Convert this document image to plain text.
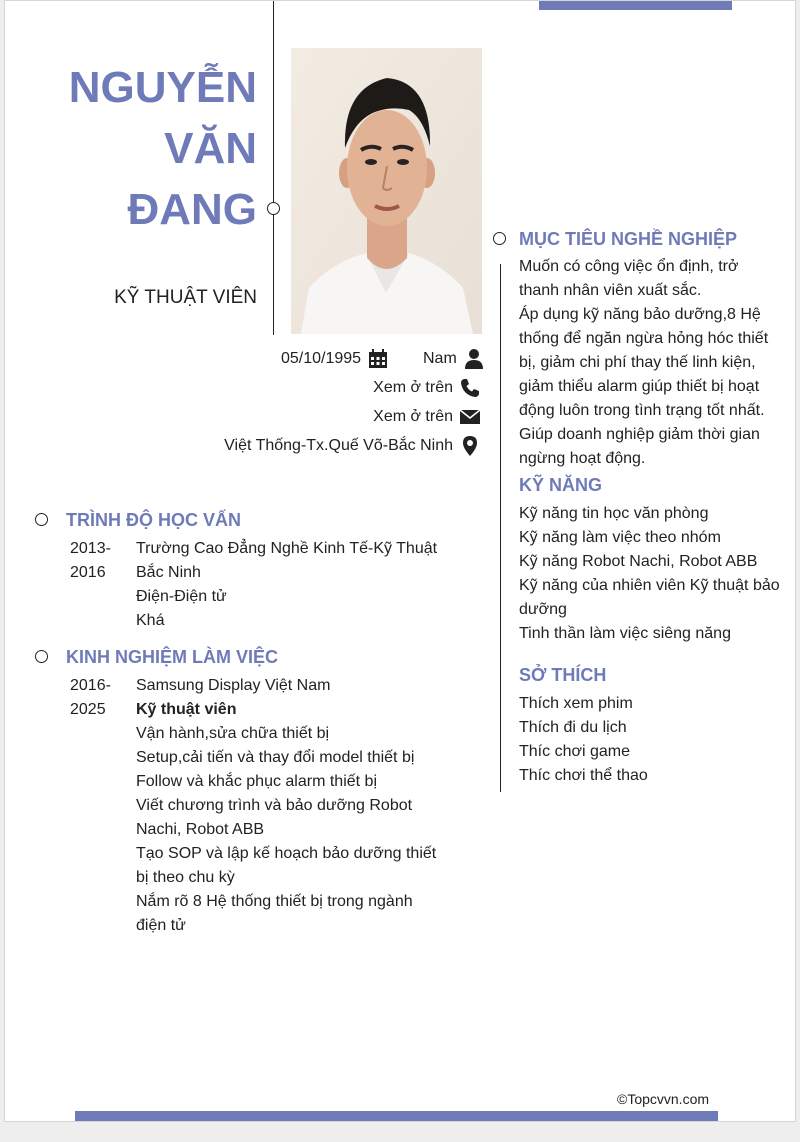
NGUYỄN
VĂN
ĐANG
KỸ THUẬT VIÊN
05/10/1995	Nam
Xem ở trên
Xem ở trên
Việt Thống-Tx.Quế Võ-Bắc Ninh
TRÌNH ĐỘ HỌC VẤN
2013-
2016
Trường Cao Đẳng Nghề Kinh Tế-Kỹ Thuật
Bắc Ninh
Điện-Điện tử
Khá
KINH NGHIỆM LÀM VIỆC
2016-
2025
Samsung Display Việt Nam
Kỹ thuật viên
Vận hành,sửa chữa thiết bị
Setup,cải tiến và thay đổi model thiết bị
Follow và khắc phục alarm thiết bị
Viết chương trình và bảo dưỡng Robot
Nachi, Robot ABB
Tạo SOP và lập kế hoạch bảo dưỡng thiết
bị theo chu kỳ
Nắm rõ 8 Hệ thống thiết bị trong ngành
điện tử
MỤC TIÊU NGHỀ NGHIỆP
Muốn có công việc ổn định, trở
thanh nhân viên xuất sắc.
Áp dụng kỹ năng bảo dưỡng,8 Hệ
thống để ngăn ngừa hỏng hóc thiết
bị, giảm chi phí thay thế linh kiện,
giảm thiểu alarm giúp thiết bị hoạt
động luôn trong tình trạng tốt nhất.
Giúp doanh nghiệp giảm thời gian
ngừng hoạt động.
KỸ NĂNG
Kỹ năng tin học văn phòng
Kỹ năng làm việc theo nhóm
Kỹ năng Robot Nachi, Robot ABB
Kỹ năng của nhiên viên Kỹ thuật bảo
dưỡng
Tinh thần làm việc siêng năng
SỞ THÍCH
Thích xem phim
Thích đi du lịch
Thíc chơi game
Thíc chơi thể thao
©Topcvvn.com
